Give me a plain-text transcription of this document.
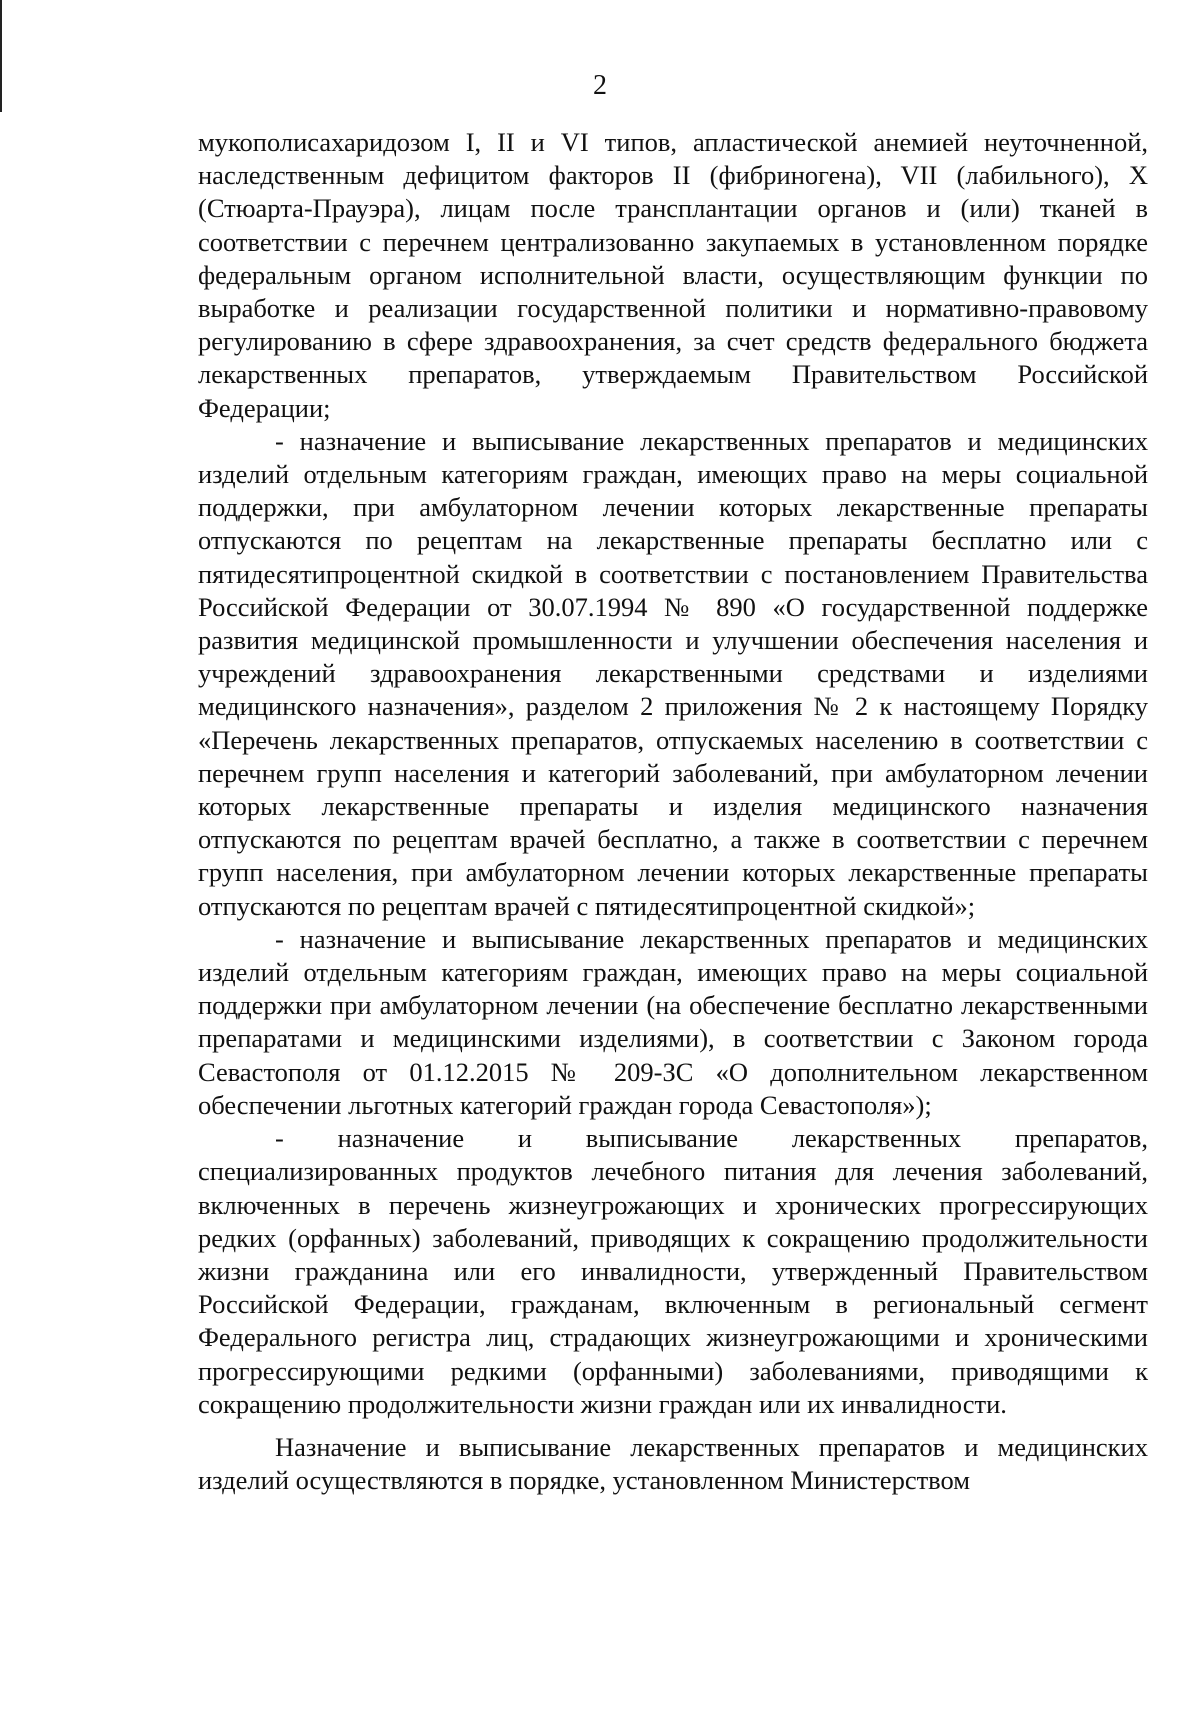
2

мукополисахаридозом I, II и VI типов, апластической анемией неуточненной, наследственным дефицитом факторов II (фибриногена), VII (лабильного), X (Стюарта-Прауэра), лицам после трансплантации органов и (или) тканей в соответствии с перечнем централизованно закупаемых в установленном порядке федеральным органом исполнительной власти, осуществляющим функции по выработке и реализации государственной политики и нормативно-правовому регулированию в сфере здравоохранения, за счет средств федерального бюджета лекарственных препаратов, утверждаемым Правительством Российской Федерации;

- назначение и выписывание лекарственных препаратов и медицинских изделий отдельным категориям граждан, имеющих право на меры социальной поддержки, при амбулаторном лечении которых лекарственные препараты отпускаются по рецептам на лекарственные препараты бесплатно или с пятидесятипроцентной скидкой в соответствии с постановлением Правительства Российской Федерации от 30.07.1994 № 890 «О государственной поддержке развития медицинской промышленности и улучшении обеспечения населения и учреждений здравоохранения лекарственными средствами и изделиями медицинского назначения», разделом 2 приложения № 2 к настоящему Порядку «Перечень лекарственных препаратов, отпускаемых населению в соответствии с перечнем групп населения и категорий заболеваний, при амбулаторном лечении которых лекарственные препараты и изделия медицинского назначения отпускаются по рецептам врачей бесплатно, а также в соответствии с перечнем групп населения, при амбулаторном лечении которых лекарственные препараты отпускаются по рецептам врачей с пятидесятипроцентной скидкой»;

- назначение и выписывание лекарственных препаратов и медицинских изделий отдельным категориям граждан, имеющих право на меры социальной поддержки при амбулаторном лечении (на обеспечение бесплатно лекарственными препаратами и медицинскими изделиями), в соответствии с Законом города Севастополя от 01.12.2015 № 209-ЗС «О дополнительном лекарственном обеспечении льготных категорий граждан города Севастополя»);

- назначение и выписывание лекарственных препаратов, специализированных продуктов лечебного питания для лечения заболеваний, включенных в перечень жизнеугрожающих и хронических прогрессирующих редких (орфанных) заболеваний, приводящих к сокращению продолжительности жизни гражданина или его инвалидности, утвержденный Правительством Российской Федерации, гражданам, включенным в региональный сегмент Федерального регистра лиц, страдающих жизнеугрожающими и хроническими прогрессирующими редкими (орфанными) заболеваниями, приводящими к сокращению продолжительности жизни граждан или их инвалидности.

Назначение и выписывание лекарственных препаратов и медицинских изделий осуществляются в порядке, установленном Министерством
